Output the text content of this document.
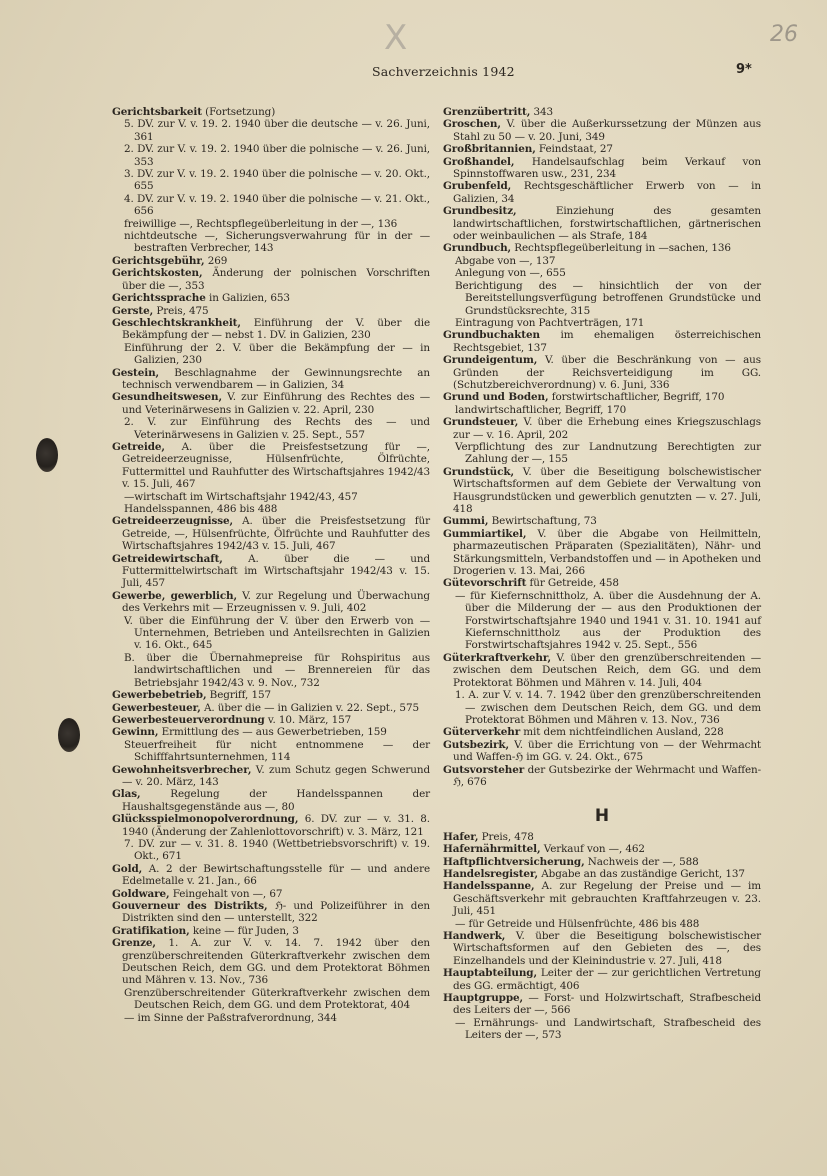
X	26
Sachverzeichnis 1942	9*

Gerichtsbarkeit (Fortsetzung)

5. DV. zur V. v. 19. 2. 1940 über die deutsche — v. 26. Juni, 361

2. DV. zur V. v. 19. 2. 1940 über die polnische — v. 26. Juni, 353

3. DV. zur V. v. 19. 2. 1940 über die polnische — v. 20. Okt., 655

4. DV. zur V. v. 19. 2. 1940 über die polnische — v. 21. Okt., 656

freiwillige —, Rechtspflegeüberleitung in der —, 136

nichtdeutsche —, Sicherungsverwahrung für in der — bestraften Verbrecher, 143

Gerichtsgebühr, 269

Gerichtskosten, Änderung der polnischen Vorschriften über die —, 353

Gerichtssprache in Galizien, 653

Gerste, Preis, 475

Geschlechtskrankheit, Einführung der V. über die Bekämpfung der — nebst 1. DV. in Galizien, 230

Einführung der 2. V. über die Bekämpfung der — in Galizien, 230

Gestein, Beschlagnahme der Gewinnungsrechte an technisch verwendbarem — in Galizien, 34

Gesundheitswesen, V. zur Einführung des Rechtes des — und Veterinärwesens in Galizien v. 22. April, 230

2. V. zur Einführung des Rechts des — und Veterinärwesens in Galizien v. 25. Sept., 557

Getreide, A. über die Preisfestsetzung für —, Getreideerzeugnisse, Hülsenfrüchte, Ölfrüchte, Futtermittel und Rauhfutter des Wirtschaftsjahres 1942/43 v. 15. Juli, 467

—wirtschaft im Wirtschaftsjahr 1942/43, 457

Handelsspannen, 486 bis 488

Getreideerzeugnisse, A. über die Preisfestsetzung für Getreide, —, Hülsenfrüchte, Ölfrüchte und Rauhfutter des Wirtschaftsjahres 1942/43 v. 15. Juli, 467

Getreidewirtschaft, A. über die — und Futtermittelwirtschaft im Wirtschaftsjahr 1942/43 v. 15. Juli, 457

Gewerbe, gewerblich, V. zur Regelung und Überwachung des Verkehrs mit — Erzeugnissen v. 9. Juli, 402

V. über die Einführung der V. über den Erwerb von — Unternehmen, Betrieben und Anteilsrechten in Galizien v. 16. Okt., 645

B. über die Übernahmepreise für Rohspiritus aus landwirtschaftlichen und — Brennereien für das Betriebsjahr 1942/43 v. 9. Nov., 732

Gewerbebetrieb, Begriff, 157

Gewerbesteuer, A. über die — in Galizien v. 22. Sept., 575

Gewerbesteuerverordnung v. 10. März, 157

Gewinn, Ermittlung des — aus Gewerbetrieben, 159

Steuerfreiheit für nicht entnommene — der Schifffahrtsunternehmen, 114

Gewohnheitsverbrecher, V. zum Schutz gegen Schwerund — v. 20. März, 143

Glas, Regelung der Handelsspannen der Haushaltsgegenstände aus —, 80

Glücksspielmonopolverordnung, 6. DV. zur — v. 31. 8. 1940 (Änderung der Zahlenlottovorschrift) v. 3. März, 121

7. DV. zur — v. 31. 8. 1940 (Wettbetriebsvorschrift) v. 19. Okt., 671

Gold, A. 2 der Bewirtschaftungsstelle für — und andere Edelmetalle v. 21. Jan., 66

Goldware, Feingehalt von —, 67

Gouverneur des Distrikts, ℌ- und Polizeiführer in den Distrikten sind den — unterstellt, 322

Gratifikation, keine — für Juden, 3

Grenze, 1. A. zur V. v. 14. 7. 1942 über den grenzüberschreitenden Güterkraftverkehr zwischen dem Deutschen Reich, dem GG. und dem Protektorat Böhmen und Mähren v. 13. Nov., 736

Grenzüberschreitender Güterkraftverkehr zwischen dem Deutschen Reich, dem GG. und dem Protektorat, 404

— im Sinne der Paßstrafverordnung, 344

Grenzübertritt, 343

Groschen, V. über die Außerkurssetzung der Münzen aus Stahl zu 50 — v. 20. Juni, 349

Großbritannien, Feindstaat, 27

Großhandel, Handelsaufschlag beim Verkauf von Spinnstoffwaren usw., 231, 234

Grubenfeld, Rechtsgeschäftlicher Erwerb von — in Galizien, 34

Grundbesitz, Einziehung des gesamten landwirtschaftlichen, forstwirtschaftlichen, gärtnerischen oder weinbaulichen — als Strafe, 184

Grundbuch, Rechtspflegeüberleitung in —sachen, 136

Abgabe von —, 137

Anlegung von —, 655

Berichtigung des — hinsichtlich der von der Bereitstellungsverfügung betroffenen Grundstücke und Grundstücksrechte, 315

Eintragung von Pachtverträgen, 171

Grundbuchakten im ehemaligen österreichischen Rechtsgebiet, 137

Grundeigentum, V. über die Beschränkung von — aus Gründen der Reichsverteidigung im GG. (Schutzbereichverordnung) v. 6. Juni, 336

Grund und Boden, forstwirtschaftlicher, Begriff, 170

landwirtschaftlicher, Begriff, 170

Grundsteuer, V. über die Erhebung eines Kriegszuschlags zur — v. 16. April, 202

Verpflichtung des zur Landnutzung Berechtigten zur Zahlung der —, 155

Grundstück, V. über die Beseitigung bolschewistischer Wirtschaftsformen auf dem Gebiete der Verwaltung von Hausgrundstücken und gewerblich genutzten — v. 27. Juli, 418

Gummi, Bewirtschaftung, 73

Gummiartikel, V. über die Abgabe von Heilmitteln, pharmazeutischen Präparaten (Spezialitäten), Nähr- und Stärkungsmitteln, Verbandstoffen und — in Apotheken und Drogerien v. 13. Mai, 266

Gütevorschrift für Getreide, 458

— für Kiefernschnittholz, A. über die Ausdehnung der A. über die Milderung der — aus den Produktionen der Forstwirtschaftsjahre 1940 und 1941 v. 31. 10. 1941 auf Kiefernschnittholz aus der Produktion des Forstwirtschaftsjahres 1942 v. 25. Sept., 556

Güterkraftverkehr, V. über den grenzüberschreitenden — zwischen dem Deutschen Reich, dem GG. und dem Protektorat Böhmen und Mähren v. 14. Juli, 404

1. A. zur V. v. 14. 7. 1942 über den grenzüberschreitenden — zwischen dem Deutschen Reich, dem GG. und dem Protektorat Böhmen und Mähren v. 13. Nov., 736

Güterverkehr mit dem nichtfeindlichen Ausland, 228

Gutsbezirk, V. über die Errichtung von — der Wehrmacht und Waffen-ℌ im GG. v. 24. Okt., 675

Gutsvorsteher der Gutsbezirke der Wehrmacht und Waffen-ℌ, 676

H

Hafer, Preis, 478

Hafernährmittel, Verkauf von —, 462

Haftpflichtversicherung, Nachweis der —, 588

Handelsregister, Abgabe an das zuständige Gericht, 137

Handelsspanne, A. zur Regelung der Preise und — im Geschäftsverkehr mit gebrauchten Kraftfahrzeugen v. 23. Juli, 451

— für Getreide und Hülsenfrüchte, 486 bis 488

Handwerk, V. über die Beseitigung bolschewistischer Wirtschaftsformen auf den Gebieten des —, des Einzelhandels und der Kleinindustrie v. 27. Juli, 418

Hauptabteilung, Leiter der — zur gerichtlichen Vertretung des GG. ermächtigt, 406

Hauptgruppe, — Forst- und Holzwirtschaft, Strafbescheid des Leiters der —, 566

— Ernährungs- und Landwirtschaft, Strafbescheid des Leiters der —, 573
